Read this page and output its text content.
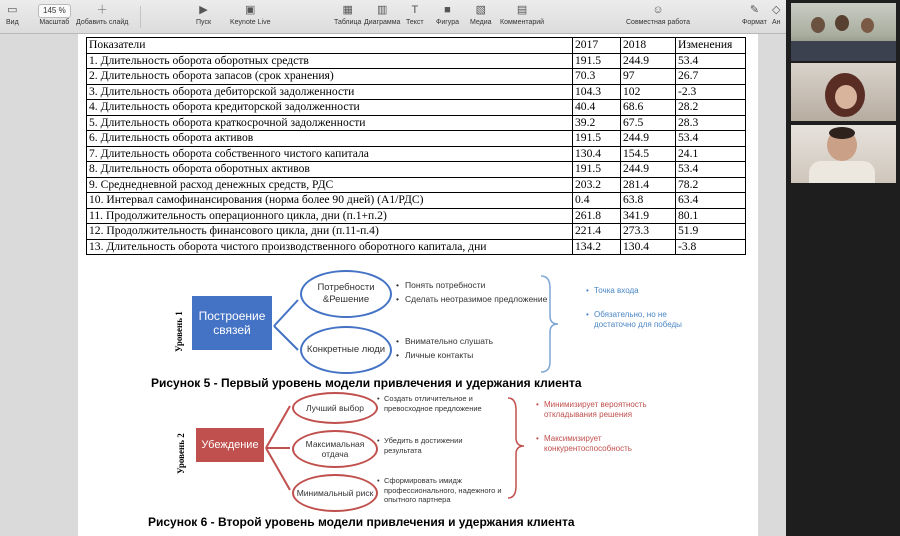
▭
Вид
145 %
Масштаб
＋
Добавить слайд
▶
Пуск
▣
Keynote Live
▦
Таблица
▥
Диаграмма
T
Текст
■
Фигура
▧
Медиа
▤
Комментарий
☺
Совместная работа
✎
Формат
◇
Ан
Показатели	2017	2018	Изменения
1. Длительность оборота оборотных средств	191.5	244.9	53.4
2. Длительность оборота запасов (срок хранения)	70.3	97	26.7
3. Длительность оборота дебиторской задолженности	104.3	102	-2.3
4. Длительность оборота кредиторской задолженности	40.4	68.6	28.2
5. Длительность оборота краткосрочной задолженности	39.2	67.5	28.3
6. Длительность оборота активов	191.5	244.9	53.4
7. Длительность оборота собственного чистого капитала	130.4	154.5	24.1
8. Длительность оборота оборотных активов	191.5	244.9	53.4
9. Среднедневной расход денежных средств, РДС	203.2	281.4	78.2
10. Интервал самофинансирования (норма более 90 дней) (А1/РДС)	0.4	63.8	63.4
11. Продолжительность операционного цикла, дни (п.1+п.2)	261.8	341.9	80.1
12. Продолжительность финансового цикла, дни (п.11-п.4)	221.4	273.3	51.9
13. Длительность оборота чистого производственного оборотного капитала, дни	134.2	130.4	-3.8
Уровень 1	Построение связей
Потребности &Решение
Конкретные люди
• Понять потребности
• Сделать неотразимое предложение
• Внимательно слушать
• Личные контакты
• Точка входа
• Обязательно, но не достаточно для победы
Рисунок 5 - Первый уровень модели привлечения и удержания клиента
Уровень 2	Убеждение
Лучший выбор
Максимальная отдача
Минимальный риск
• Создать отличительное и превосходное предложение
• Убедить в достижении результата
• Сформировать имидж профессионального, надежного и опытного партнера
• Минимизирует вероятность откладывания решения
• Максимизирует конкурентоспособность
Рисунок 6 - Второй уровень модели привлечения и удержания клиента
